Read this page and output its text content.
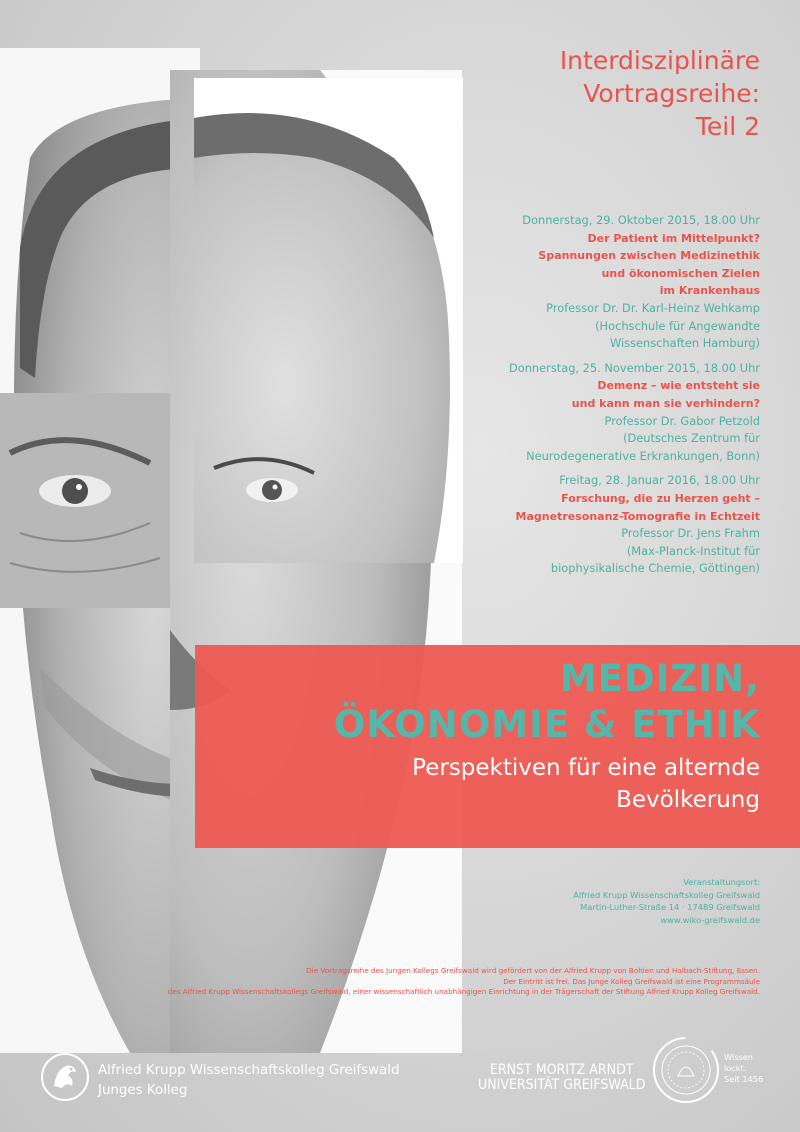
Interdisziplinäre
Vortragsreihe:
Teil 2
Donnerstag, 29. Oktober 2015, 18.00 Uhr
Der Patient im Mittelpunkt?
Spannungen zwischen Medizinethik
und ökonomischen Zielen
im Krankenhaus
Professor Dr. Dr. Karl-Heinz Wehkamp
(Hochschule für Angewandte
Wissenschaften Hamburg)
Donnerstag, 25. November 2015, 18.00 Uhr
Demenz – wie entsteht sie
und kann man sie verhindern?
Professor Dr. Gabor Petzold
(Deutsches Zentrum für
Neurodegenerative Erkrankungen, Bonn)
Freitag, 28. Januar 2016, 18.00 Uhr
Forschung, die zu Herzen geht –
Magnetresonanz-Tomografie in Echtzeit
Professor Dr. Jens Frahm
(Max-Planck-Institut für
biophysikalische Chemie, Göttingen)
MEDIZIN,
ÖKONOMIE & ETHIK
Perspektiven für eine alternde
Bevölkerung
Veranstaltungsort:
Alfried Krupp Wissenschaftskolleg Greifswald
Martin-Luther-Straße 14 · 17489 Greifswald
www.wiko-greifswald.de
Die Vortragsreihe des Jungen Kollegs Greifswald wird gefördert von der Alfried Krupp von Bohlen und Halbach-Stiftung, Essen.
Der Eintritt ist frei. Das Junge Kolleg Greifswald ist eine Programmsäule
des Alfried Krupp Wissenschaftskollegs Greifswald, einer wissenschaftlich unabhängigen Einrichtung in der Trägerschaft der Stiftung Alfried Krupp Kolleg Greifswald.
Alfried Krupp Wissenschaftskolleg Greifswald
Junges Kolleg
ERNST MORITZ ARNDT
UNIVERSITÄT GREIFSWALD
Wissen
lockt.
Seit 1456
